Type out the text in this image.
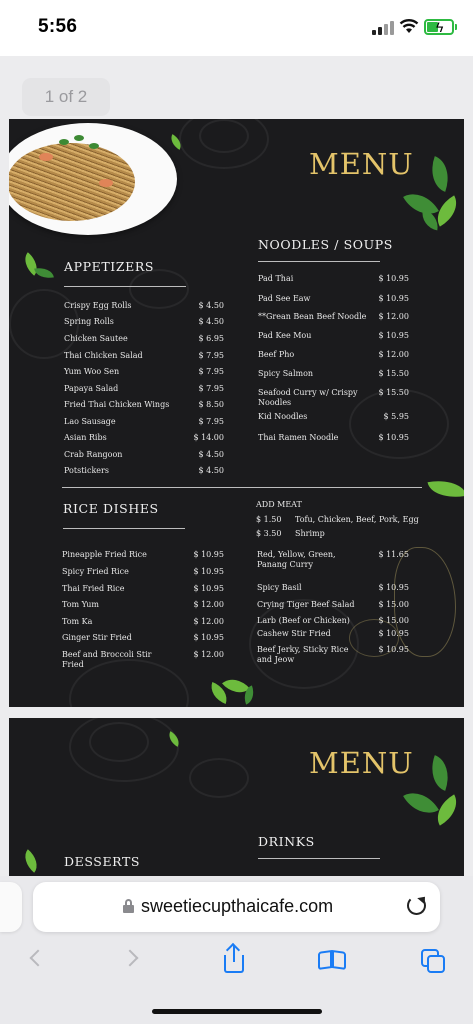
5:56	ϟ
1 of 2
MENU
APPETIZERS
Crispy Egg Rolls	$ 4.50
Spring Rolls	$ 4.50
Chicken Sautee	$ 6.95
Thai Chicken Salad	$ 7.95
Yum Woo Sen	$ 7.95
Papaya Salad	$ 7.95
Fried Thai Chicken Wings	$ 8.50
Lao Sausage	$ 7.95
Asian Ribs	$ 14.00
Crab Rangoon	$ 4.50
Potstickers	$ 4.50
NOODLES / SOUPS
Pad Thai	$ 10.95
Pad See Eaw	$ 10.95
**Grean Bean Beef Noodle $ 12.00
Pad Kee Mou	$ 10.95
Beef Pho	$ 12.00
Spicy Salmon	$ 15.50
Seafood Curry w/ Crispy
Noodles
$ 15.50
Kid Noodles	$ 5.95
Thai Ramen Noodle	$ 10.95
RICE DISHES
Pineapple Fried Rice	$ 10.95
Spicy Fried Rice	$ 10.95
Thai Fried Rice	$ 10.95
Tom Yum	$ 12.00
Tom Ka	$ 12.00
Ginger Stir Fried	$ 10.95
Beef and Broccoli Stir
Fried
$ 12.00
ADD MEAT
$ 1.50 Tofu, Chicken, Beef, Pork, Egg
$ 3.50 Shrimp
Red, Yellow, Green,
Panang Curry
$ 11.65
Spicy Basil	$ 10.95
Crying Tiger Beef Salad	$ 15.00
Larb (Beef or Chicken)	$ 15.00
Cashew Stir Fried	$ 10.95
Beef Jerky, Sticky Rice
and Jeow
$ 10.95
MENU
DRINKS
DESSERTS
sweetiecupthaicafe.com
